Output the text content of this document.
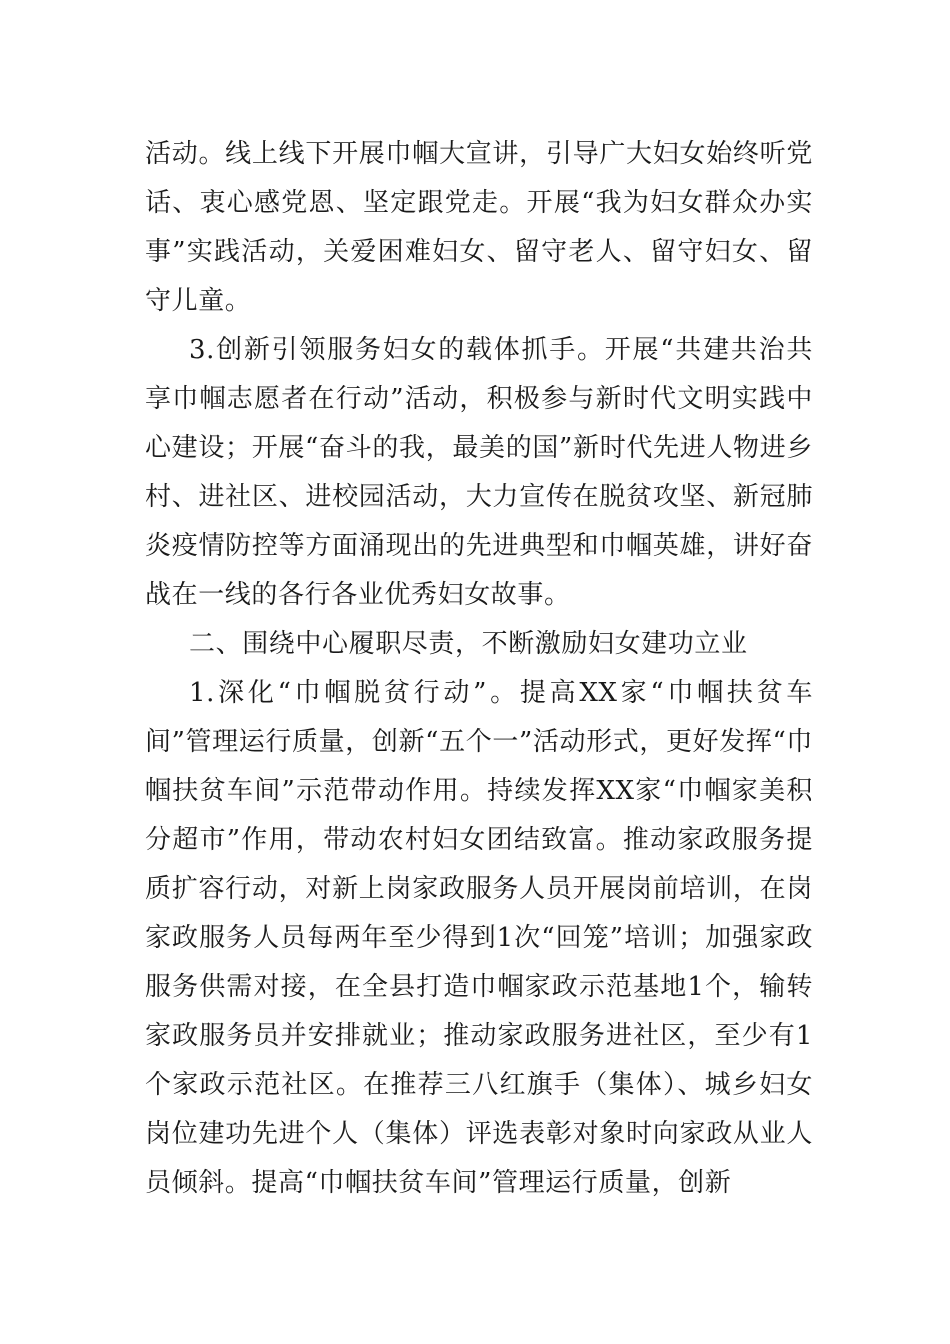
活动。线上线下开展巾帼大宣讲，引导广大妇女始终听党话、衷心感党恩、坚定跟党走。开展“我为妇女群众办实事”实践活动，关爱困难妇女、留守老人、留守妇女、留守儿童。

3.创新引领服务妇女的载体抓手。开展“共建共治共享巾帼志愿者在行动”活动，积极参与新时代文明实践中心建设；开展“奋斗的我，最美的国”新时代先进人物进乡村、进社区、进校园活动，大力宣传在脱贫攻坚、新冠肺炎疫情防控等方面涌现出的先进典型和巾帼英雄，讲好奋战在一线的各行各业优秀妇女故事。

二、围绕中心履职尽责，不断激励妇女建功立业

1.深化“巾帼脱贫行动”。提高XX家“巾帼扶贫车间”管理运行质量，创新“五个一”活动形式，更好发挥“巾帼扶贫车间”示范带动作用。持续发挥XX家“巾帼家美积分超市”作用，带动农村妇女团结致富。推动家政服务提质扩容行动，对新上岗家政服务人员开展岗前培训，在岗家政服务人员每两年至少得到1次“回笼”培训；加强家政服务供需对接，在全县打造巾帼家政示范基地1个，输转家政服务员并安排就业；推动家政服务进社区，至少有1个家政示范社区。在推荐三八红旗手（集体）、城乡妇女岗位建功先进个人（集体）评选表彰对象时向家政从业人员倾斜。提高“巾帼扶贫车间”管理运行质量，创新
